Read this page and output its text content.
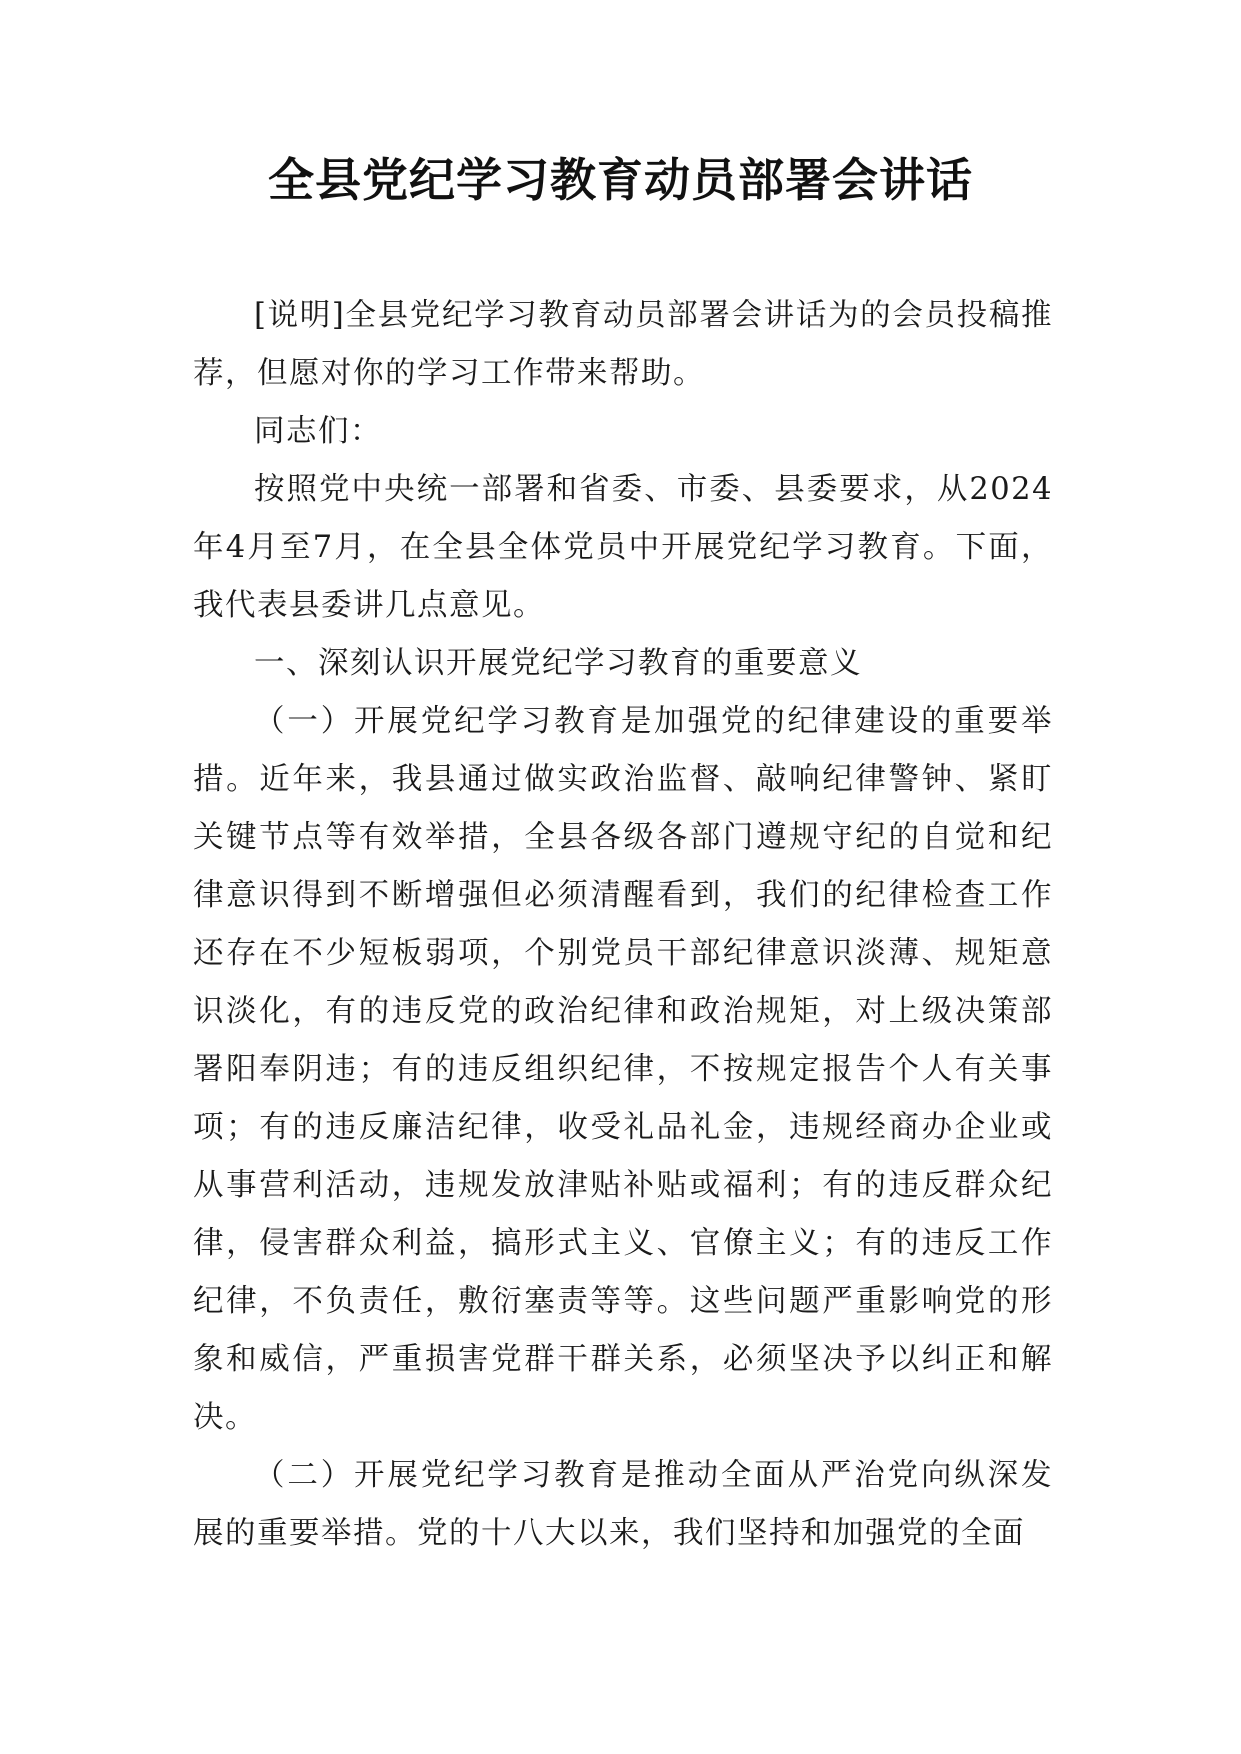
全县党纪学习教育动员部署会讲话

[说明]全县党纪学习教育动员部署会讲话为的会员投稿推荐，但愿对你的学习工作带来帮助。

同志们：

按照党中央统一部署和省委、市委、县委要求，从2024年4月至7月，在全县全体党员中开展党纪学习教育。下面，我代表县委讲几点意见。

一、深刻认识开展党纪学习教育的重要意义

（一）开展党纪学习教育是加强党的纪律建设的重要举措。近年来，我县通过做实政治监督、敲响纪律警钟、紧盯关键节点等有效举措，全县各级各部门遵规守纪的自觉和纪律意识得到不断增强但必须清醒看到，我们的纪律检查工作还存在不少短板弱项，个别党员干部纪律意识淡薄、规矩意识淡化，有的违反党的政治纪律和政治规矩，对上级决策部署阳奉阴违；有的违反组织纪律，不按规定报告个人有关事项；有的违反廉洁纪律，收受礼品礼金，违规经商办企业或从事营利活动，违规发放津贴补贴或福利；有的违反群众纪律，侵害群众利益，搞形式主义、官僚主义；有的违反工作纪律，不负责任，敷衍塞责等等。这些问题严重影响党的形象和威信，严重损害党群干群关系，必须坚决予以纠正和解决。

（二）开展党纪学习教育是推动全面从严治党向纵深发展的重要举措。党的十八大以来，我们坚持和加强党的全面
